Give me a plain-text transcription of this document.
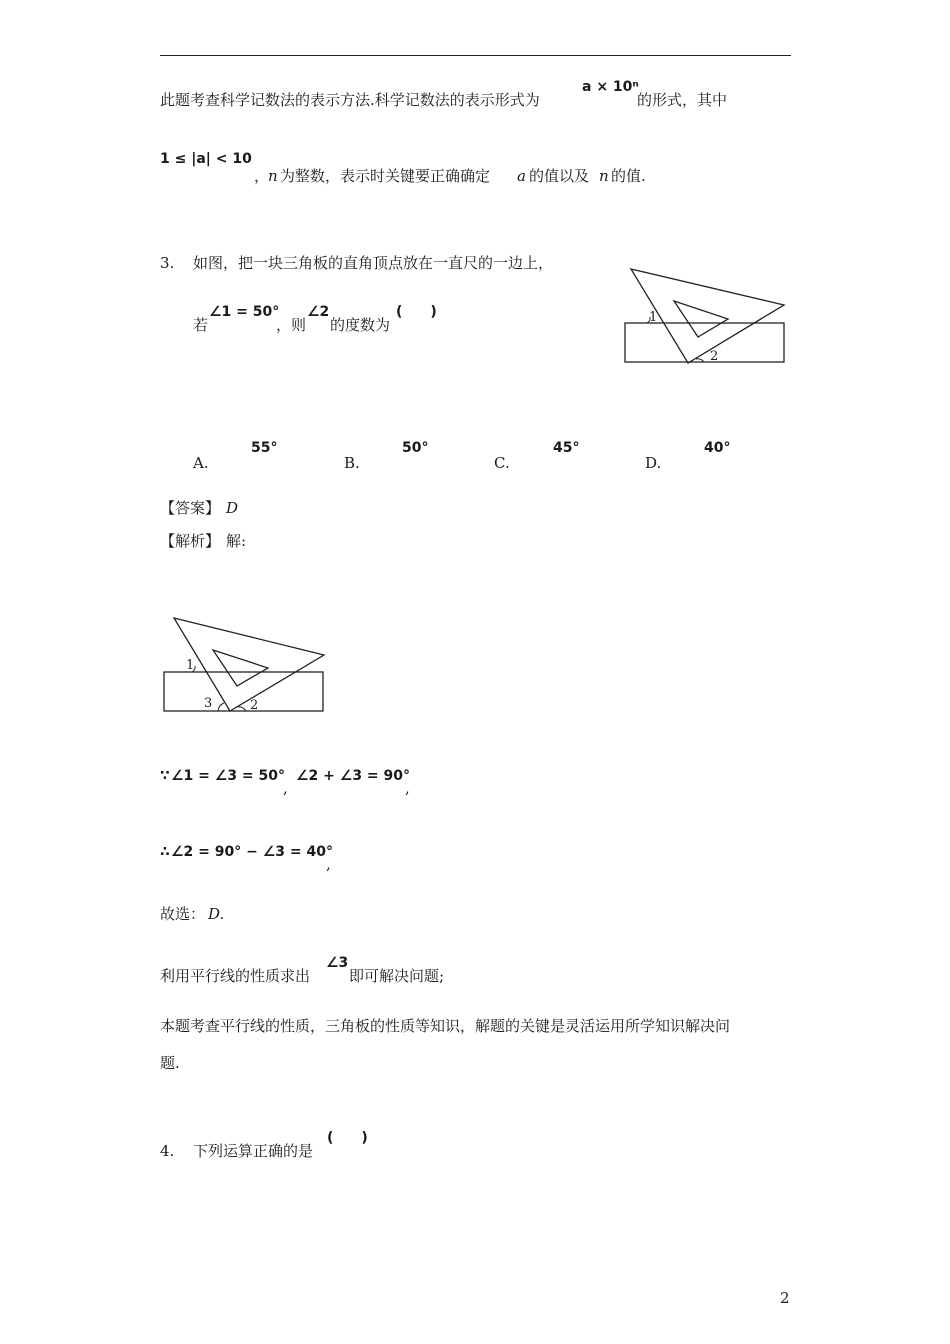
此题考查科学记数法的表示方法.科学记数法的表示形式为
a × 10ⁿ
的形式，其中
1 ≤ |a| < 10
，
n 为整数，表示时关键要正确确定 a 的值以及 n 的值.
3. 如图，把一块三角板的直角顶点放在一直尺的一边上，
若
∠1 = 50°
，则
∠2
的度数为
(　　)	1
2
A.
55°
B.
50°
C.
45°
D.
40°
【答案】 D
【解析】 解:
1
3	2
∵ ∠1 = ∠3 = 50°
,
∠2 + ∠3 = 90°
,
∴ ∠2 = 90° − ∠3 = 40°
,
故选： D.
利用平行线的性质求出
∠3
即可解决问题;
本题考查平行线的性质，三角板的性质等知识，解题的关键是灵活运用所学知识解决问
题.
4. 下列运算正确的是
(　　)
2
